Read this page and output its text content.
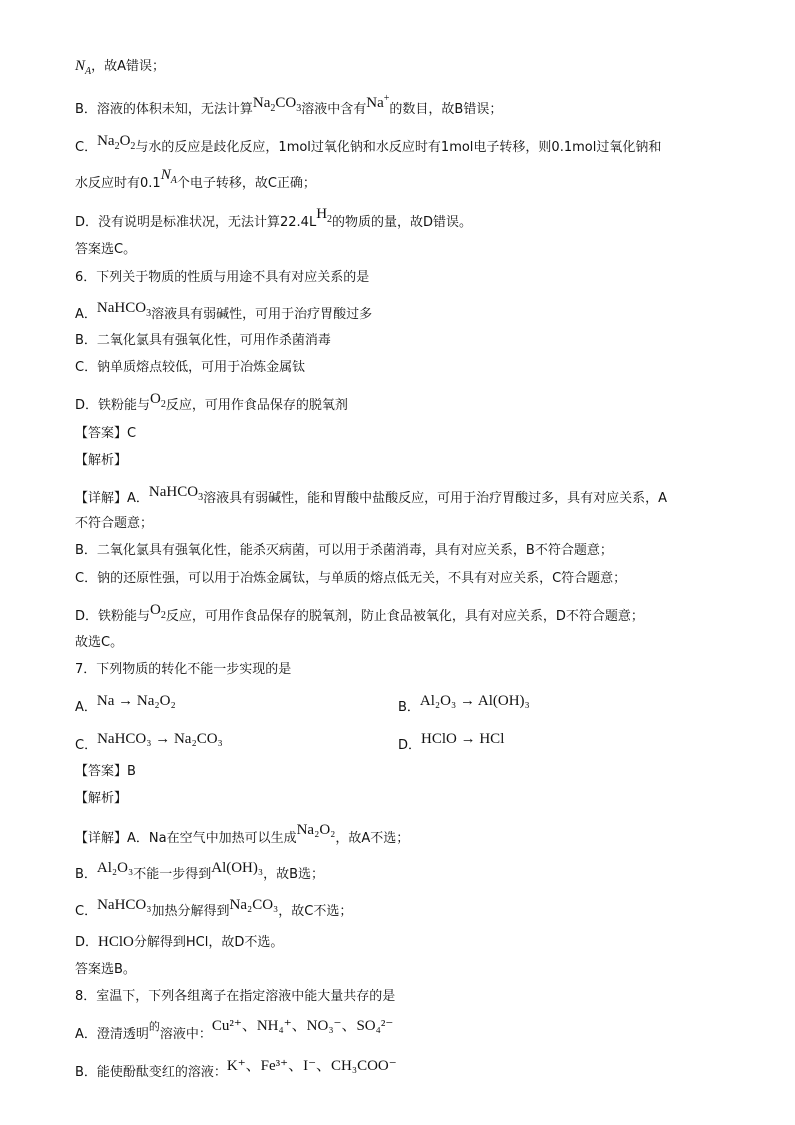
$N_A$，故A错误；
B．溶液的体积未知，无法计算$Na_2CO_3$溶液中含有Na+的数目，故B错误；
C．$Na_2O_2$与水的反应是歧化反应，1mol过氧化钠和水反应时有1mol电子转移，则0.1mol过氧化钠和
水反应时有$0.1N_A$个电子转移，故C正确；
D．没有说明是标准状况，无法计算$22.4LH_2$的物质的量，故D错误。
答案选C。
6．下列关于物质的性质与用途不具有对应关系的是
A．NaHCO$_3$溶液具有弱碱性，可用于治疗胃酸过多
B．二氧化氯具有强氧化性，可用作杀菌消毒
C．钠单质熔点较低，可用于冶炼金属钛
D．铁粉能与$O_2$反应，可用作食品保存的脱氧剂
【答案】C
【解析】
【详解】A．NaHCO$_3$溶液具有弱碱性，能和胃酸中盐酸反应，可用于治疗胃酸过多，具有对应关系，A
不符合题意；
B．二氧化氯具有强氧化性，能杀灭病菌，可以用于杀菌消毒，具有对应关系，B不符合题意；
C．钠的还原性强，可以用于冶炼金属钛，与单质的熔点低无关，不具有对应关系，C符合题意；
D．铁粉能与$O_2$反应，可用作食品保存的脱氧剂，防止食品被氧化，具有对应关系，D不符合题意；
故选C。
7．下列物质的转化不能一步实现的是
A．Na → Na₂O₂	B．Al₂O₃ → Al(OH)₃
C．NaHCO₃ → Na₂CO₃	D．HClO → HCl
【答案】B
【解析】
【详解】A．Na在空气中加热可以生成Na₂O₂，故A不选；
B．Al₂O₃不能一步得到Al(OH)₃，故B选；
C．NaHCO₃加热分解得到Na₂CO₃，故C不选；
D．HClO分解得到HCl，故D不选。
答案选B。
8．室温下，下列各组离子在指定溶液中能大量共存的是
A．澄清透明$^的$溶液中：Cu²⁺、NH₄⁺、NO₃⁻、SO₄²⁻
B．能使酚酞变红的溶液：K⁺、Fe³⁺、I⁻、CH₃COO⁻
